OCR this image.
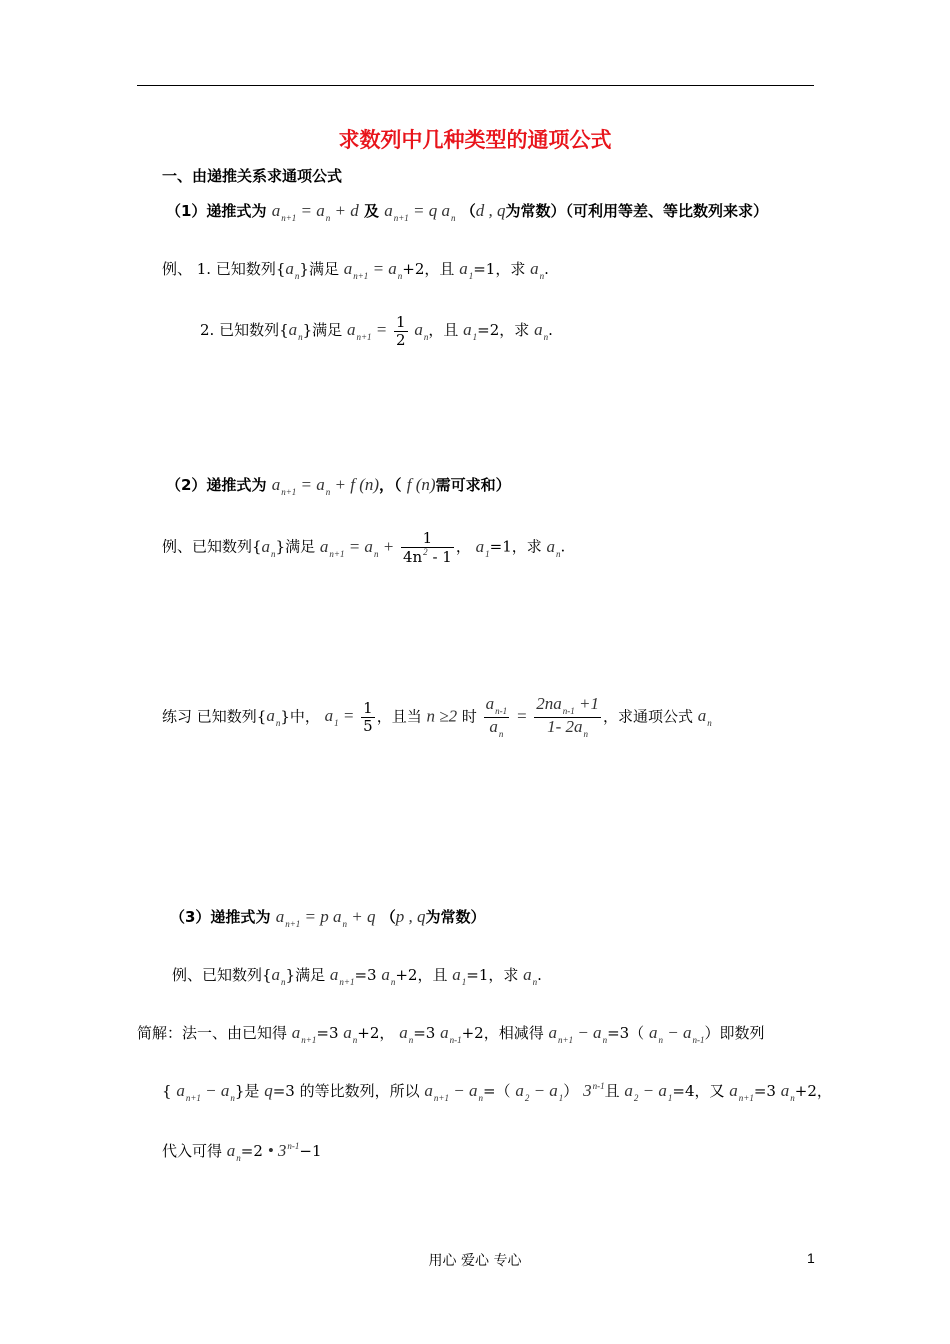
求数列中几种类型的通项公式
一、由递推关系求通项公式
（1）递推式为 $a_{n+1} = a_n + d$ 及 $a_{n+1} = q$ $a_n$ （d , q为常数）（可利用等差、等比数列来求）
例、 1. 已知数列$\{a_n\}$满足 $a_{n+1} = a_n+2$，且 $a_1=1$，求 $a_n$.
2. 已知数列$\{a_n\}$满足 $a_{n+1} = \frac{1}{2} a_n$，且 $a_1=2$，求 $a_n$.
（2）递推式为 $a_{n+1} = a_n + f$ (n)，（ f (n)需可求和）
例、已知数列$\{a_n\}$满足 $a_{n+1} = a_n + \frac{1}{4n^2 - 1}$ ， $a_1=1$，求 $a_n$.
练习 已知数列$\{a_n\}$中， $a_1 = \frac{1}{5}$ ，且当 n ≥2 时 $\frac{a_{n-1}}{a_n} = \frac{2na_{n-1} +1}{1- 2a_n}$ ，求通项公式 $a_n$
（3）递推式为 $a_{n+1} = p$ $a_n + q$ （p , q为常数）
例、已知数列$\{a_n\}$满足 $a_{n+1}=3$ $a_n+2$，且 $a_1=1$，求 $a_n$.
简解：法一、由已知得 $a_{n+1}=3$ $a_n+2$， $a_n=3$ $a_{n-1}+2$，相减得 $a_{n+1} - a_n=3$（ $a_n - a_{n-1}$）即数列
{ $a_{n+1} - a_n$}是 q=3 的等比数列，所以 $a_{n+1} - a_n=$（ $a_2 - a_1$） 3$^{n-1}$且 $a_2 - a_1=4$，又 $a_{n+1}=3$ $a_n+2$，
代入可得 $a_n=2$ • $3^{n-1}-1$
用心 爱心 专心	1
